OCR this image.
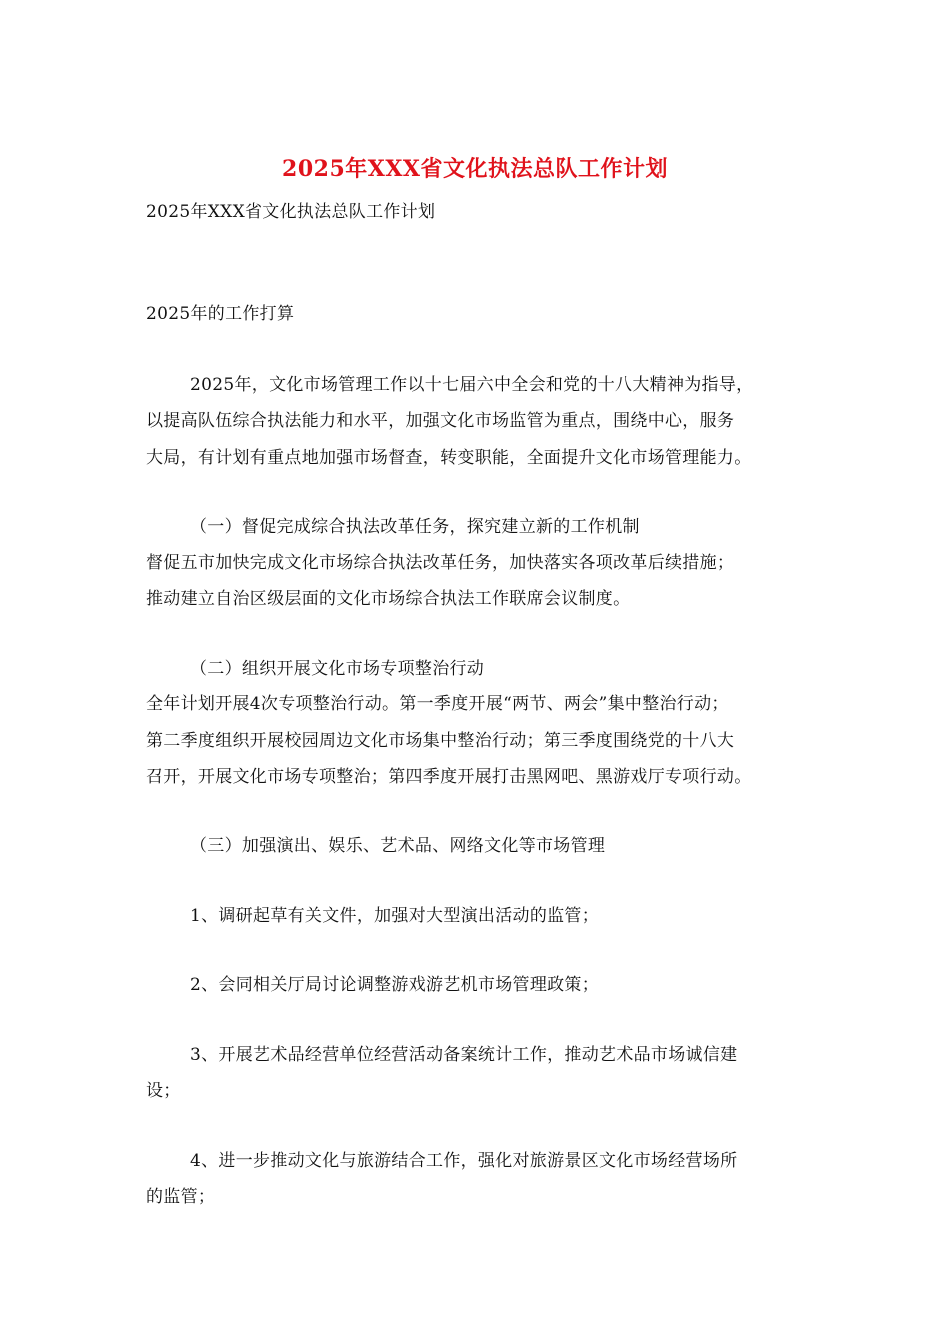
2025年XXX省文化执法总队工作计划
2025年XXX省文化执法总队工作计划
2025年的工作打算
2025年，文化市场管理工作以十七届六中全会和党的十八大精神为指导，
以提高队伍综合执法能力和水平，加强文化市场监管为重点，围绕中心，服务
大局，有计划有重点地加强市场督查，转变职能，全面提升文化市场管理能力。
（一）督促完成综合执法改革任务，探究建立新的工作机制
督促五市加快完成文化市场综合执法改革任务，加快落实各项改革后续措施；
推动建立自治区级层面的文化市场综合执法工作联席会议制度。
（二）组织开展文化市场专项整治行动
全年计划开展4次专项整治行动。第一季度开展“两节、两会”集中整治行动；
第二季度组织开展校园周边文化市场集中整治行动；第三季度围绕党的十八大
召开，开展文化市场专项整治；第四季度开展打击黑网吧、黑游戏厅专项行动。
（三）加强演出、娱乐、艺术品、网络文化等市场管理
1、调研起草有关文件，加强对大型演出活动的监管；
2、会同相关厅局讨论调整游戏游艺机市场管理政策；
3、开展艺术品经营单位经营活动备案统计工作，推动艺术品市场诚信建
设；
4、进一步推动文化与旅游结合工作，强化对旅游景区文化市场经营场所
的监管；
